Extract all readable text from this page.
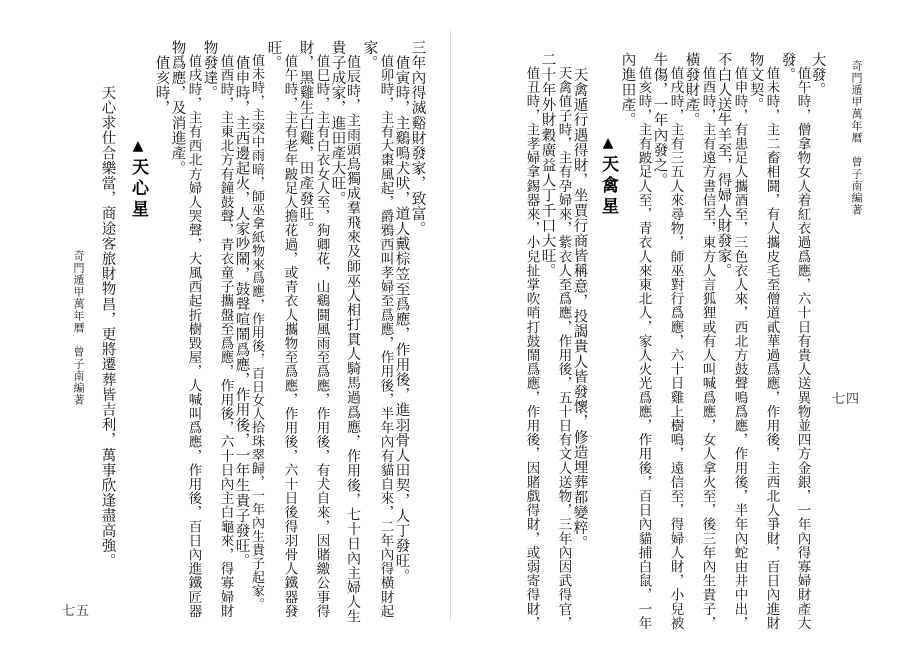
奇門遁甲萬年曆　曾子南編著
七四
大發。
　值午時，僧拿物女人着紅衣過爲應，六十日有貴人送異物並四方金銀，一年內得寡婦財產大
發。
　值未時，主二畜相鬪，有人攜皮毛至僧道貳華過爲應，作用後，主西北人爭財，百日內進財
物文契。
　值申時，有患足人攜酒至，三色衣人來，西北方鼓聲鳴爲應，作用後，半年內蛇由井中出，
不白人送牛羊至，得婦人財發家。
　值酉時，主有遠方書信至，東方人言狐狸或有人叫喊爲應，女人拿火至，後三年內生貴子，
橫發財產。
　值戌時，主有三五人來尋物，師巫對行爲應，六十日雞上樹鳴，遠信至，得婦人財，小兒被
牛傷，一年內發之。
　值亥時，主有跛足人至，青衣人來東北人，家人火光爲應，作用後，百日內貓捕白鼠，一年
內進田產。
▲天禽星
　天禽遁行遇得財，坐賈行商皆稱意，投謁貴人皆發懷，修造埋葬都變粹。
　天禽值子時，主有孕婦來，紫衣人至爲應，作用後，五十日有文人送物，三年內因武得官，
二十年外財穀廣益人丁千口大旺。
　值丑時，主孝婦拿錫器來，小兒扯掌吹哨打鼓鬧爲應，作用後，因賭戲得財，或弱寄得財，
三年內得滅谿財發家，致富。
　值寅時，主鷄鳴犬吠，道人戴棕笠至爲應，作用後，進羽骨人田契，人丁發旺。
　值卯時，主有大棗風起，爵鴉西叫孝婦至爲應，作用後，半年內有貓自來，二年內得橫財起
家。
　值辰時，主雨頭鳥獨成羣飛來及師巫人相打貫人騎馬過爲應，作用後，七十日內主婦人生
貴子成家，進田產大旺。
　值巳時，主有白衣女人至，狗卿花，山鷄鬪風雨至爲應，作用後，有犬自來，因賭繳公事得
財，黑雞生白雞，田產發旺。
　值午時，主有老年跛足人擔花過，或青衣人攜物至爲應，作用後，六十日後得羽骨人鐵器發
旺。
　值未時，主突中雨暗，師巫拿紙物來爲應，作用後，百日女人拾珠翠歸，一年內生貴子起家。
　值申時，主西邊起火，人家吵鬧，鼓聲喧鬧爲應，作用後，一年生貴子發旺。
　值酉時，主東北方有鐘鼓聲，青衣童子攜盤至爲應，作用後，六十日內主白龜來，得寡婦財
物發達。
　值戌時，主有西北方婦人哭聲，大風西起折樹毀屋，人喊叫爲應，作用後，百日內進鐵匠器
物爲應，及消進產。
　值亥時，
▲天心星
　天心求仕合樂當，商途客旅財物昌，更將遷葬皆吉利，萬事欣逢盡高強。
奇門遁甲萬年曆　曾子南編著
七五
